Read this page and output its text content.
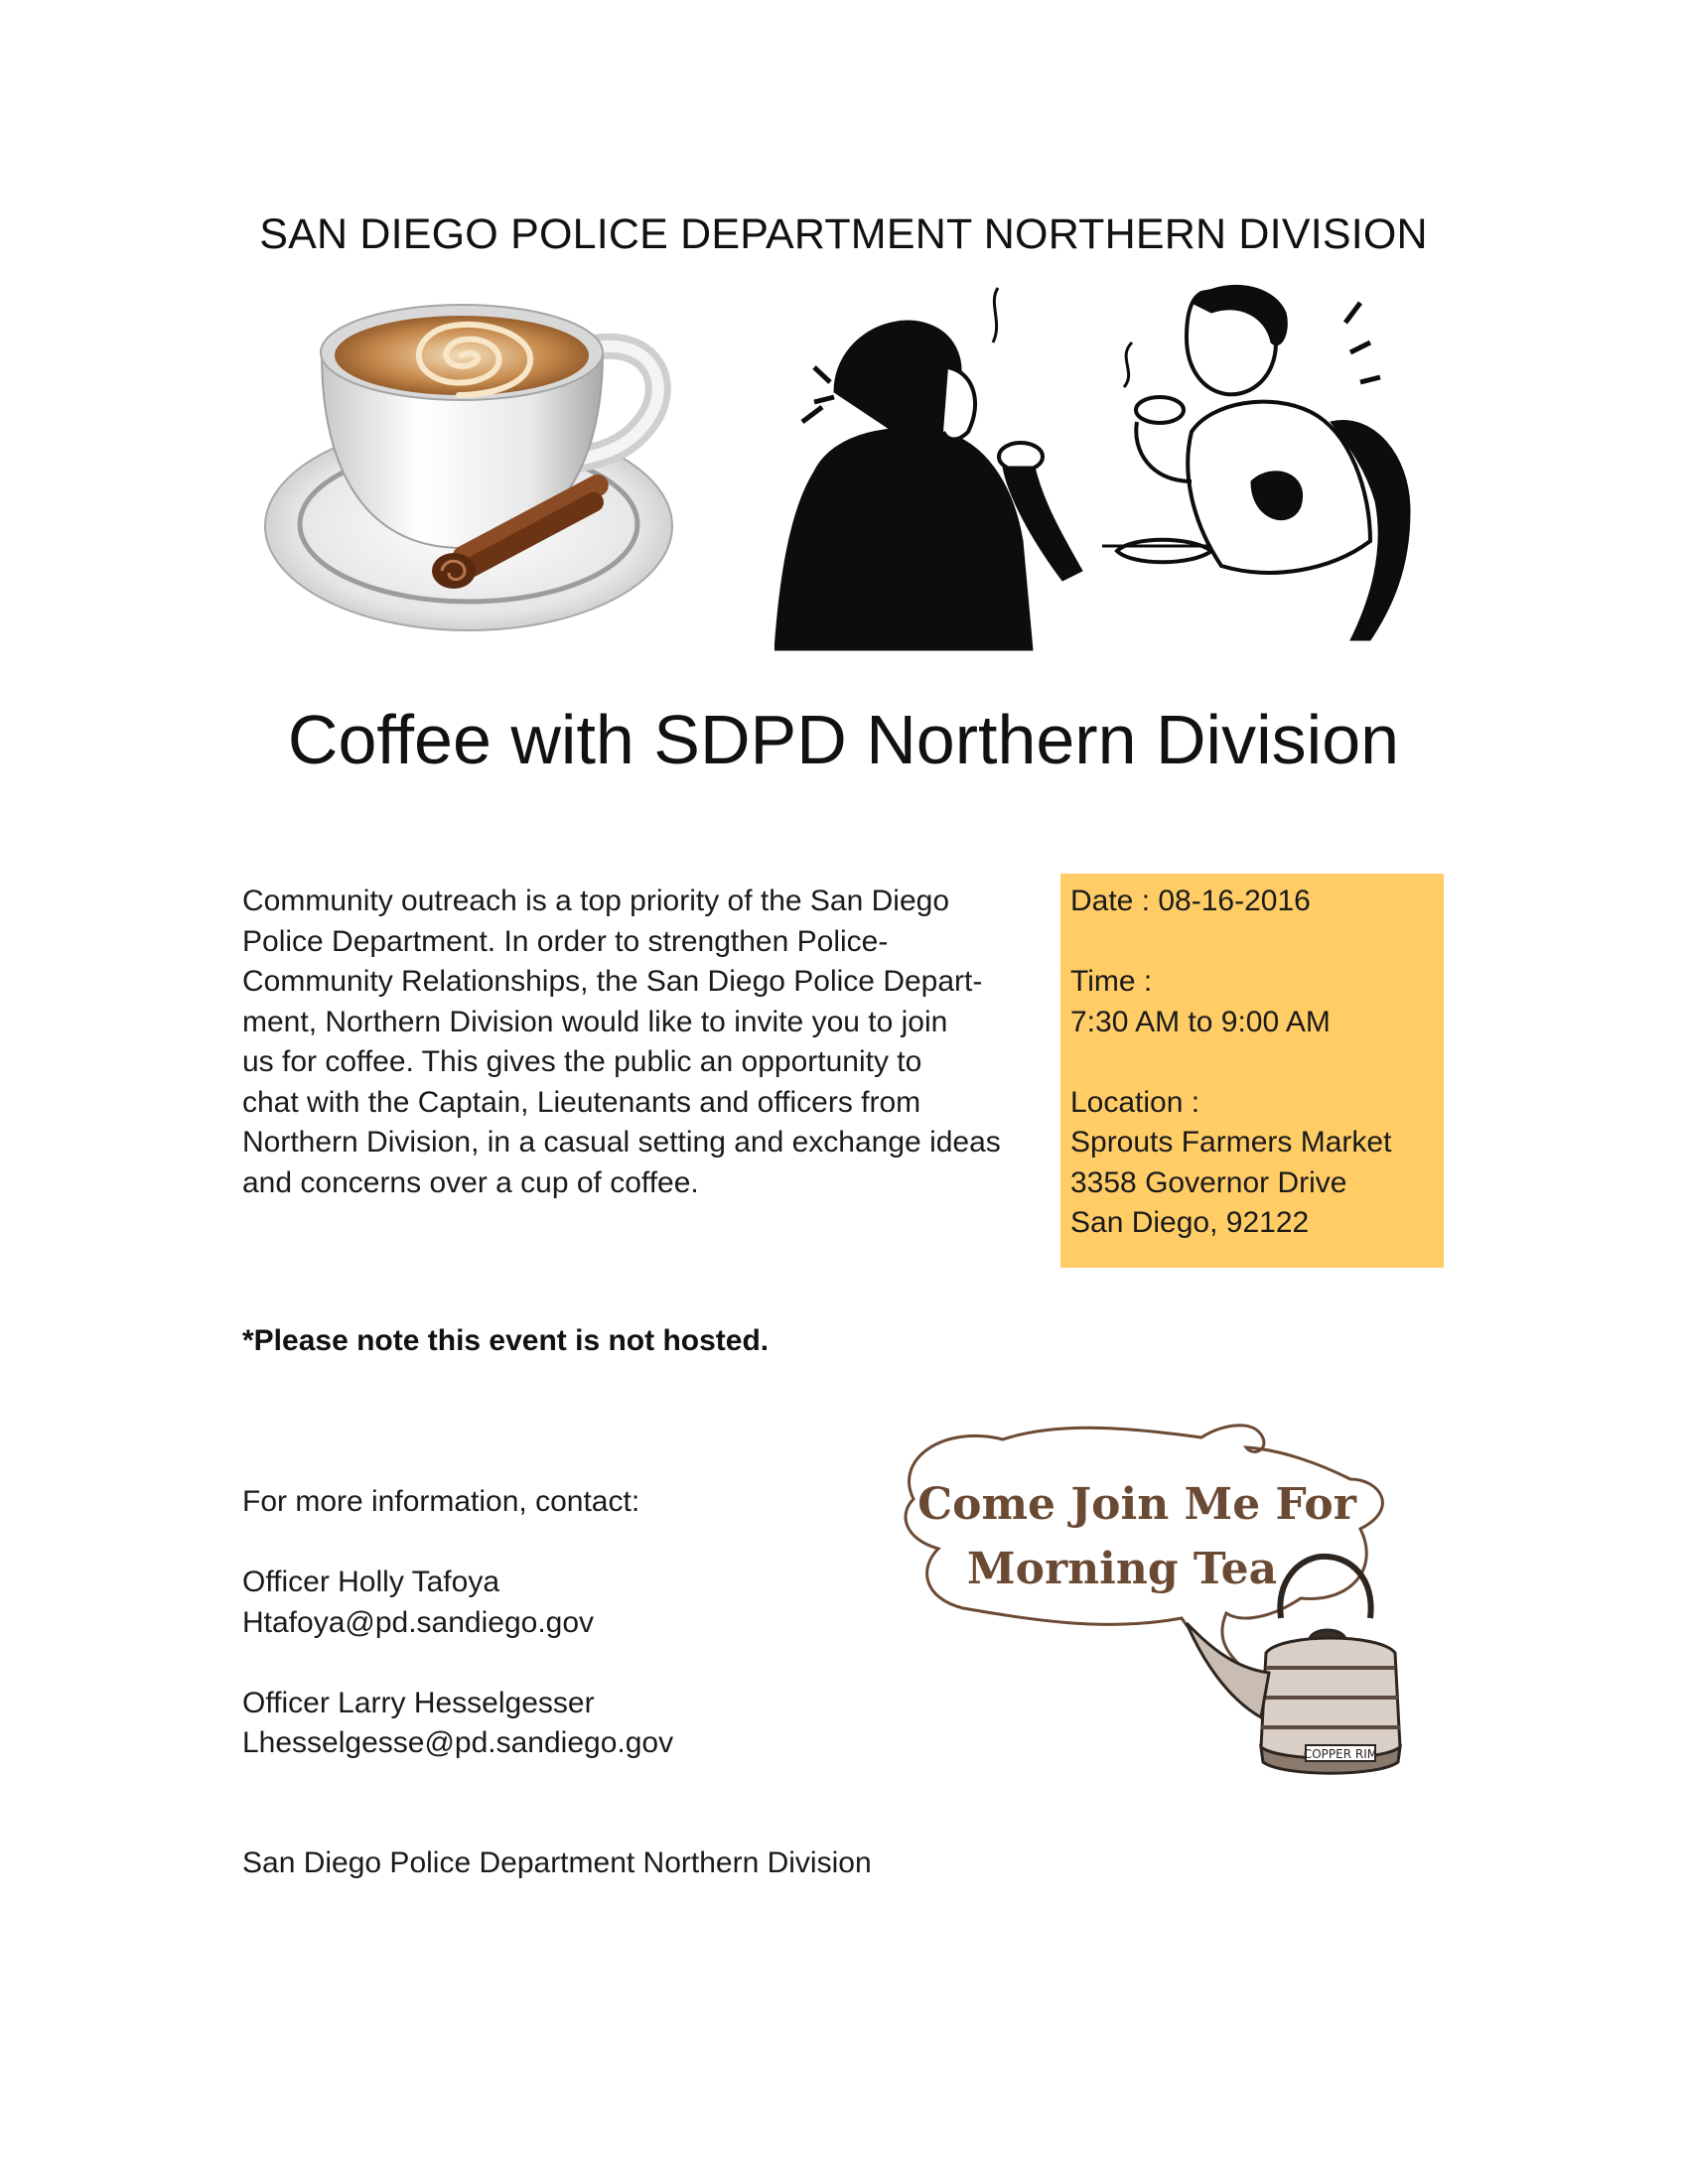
SAN DIEGO POLICE DEPARTMENT NORTHERN DIVISION
Coffee with SDPD Northern Division
Community outreach is a top priority of the San Diego
Police Department. In order to strengthen Police-
Community Relationships, the San Diego Police Depart-
ment, Northern Division would like to invite you to join
us for coffee. This gives the public an opportunity to
chat with the Captain, Lieutenants and officers from
Northern Division, in a casual setting and exchange ideas
and concerns over a cup of coffee.
Date : 08-16-2016
Time :
7:30 AM to 9:00 AM
Location :
Sprouts Farmers Market
3358 Governor Drive
San Diego, 92122
*Please note this event is not hosted.
For more information, contact:
Officer Holly Tafoya
Htafoya@pd.sandiego.gov
Officer Larry Hesselgesser
Lhesselgesse@pd.sandiego.gov
San Diego Police Department Northern Division
Come Join Me For
Morning Tea
COPPER RIM
